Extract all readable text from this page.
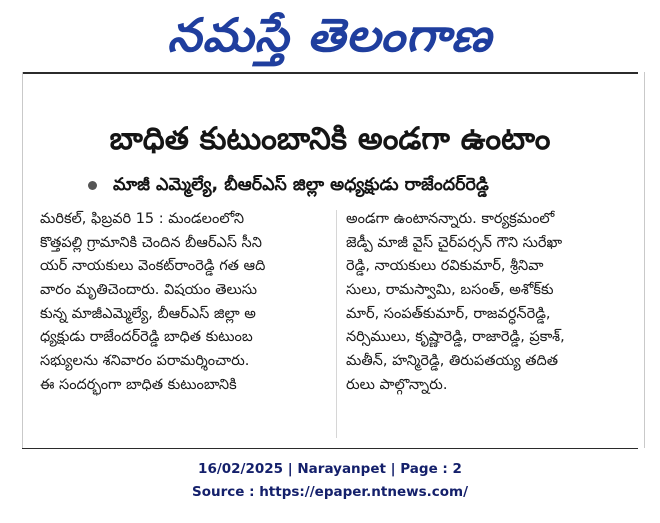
నమస్తే తెలంగాణ
బాధిత కుటుంబానికి అండగా ఉంటాం
మాజీ ఎమ్మెల్యే, బీఆర్ఎస్ జిల్లా అధ్యక్షుడు రాజేందర్‌రెడ్డి
మరికల్, ఫిబ్రవరి 15 : మండలంలోని
కొత్తపల్లి గ్రామానికి చెందిన బీఆర్ఎస్ సీని
యర్ నాయకులు వెంకట్‌రాంరెడ్డి గత ఆది
వారం మృతిచెందారు. విషయం తెలుసు
కున్న మాజీఎమ్మెల్యే, బీఆర్ఎస్ జిల్లా అ
ధ్యక్షుడు రాజేందర్‌రెడ్డి బాధిత కుటుంబ
సభ్యులను శనివారం పరామర్శించారు.
ఈ సందర్భంగా బాధిత కుటుంబానికి
అండగా ఉంటానన్నారు. కార్యక్రమంలో
జెడ్పీ మాజీ వైస్ చైర్‌పర్సన్ గౌని సురేఖా
రెడ్డి, నాయకులు రవికుమార్, శ్రీనివా
సులు, రామస్వామి, బసంత్, అశోక్‌కు
మార్, సంపత్‌కుమార్, రాజవర్ధన్‌రెడ్డి,
నర్సిములు, కృష్ణారెడ్డి, రాజారెడ్డి, ప్రకాశ్,
మతీన్, హన్మిరెడ్డి, తిరుపతయ్య తదిత
రులు పాల్గొన్నారు.
16/02/2025 | Narayanpet | Page : 2
Source : https://epaper.ntnews.com/
